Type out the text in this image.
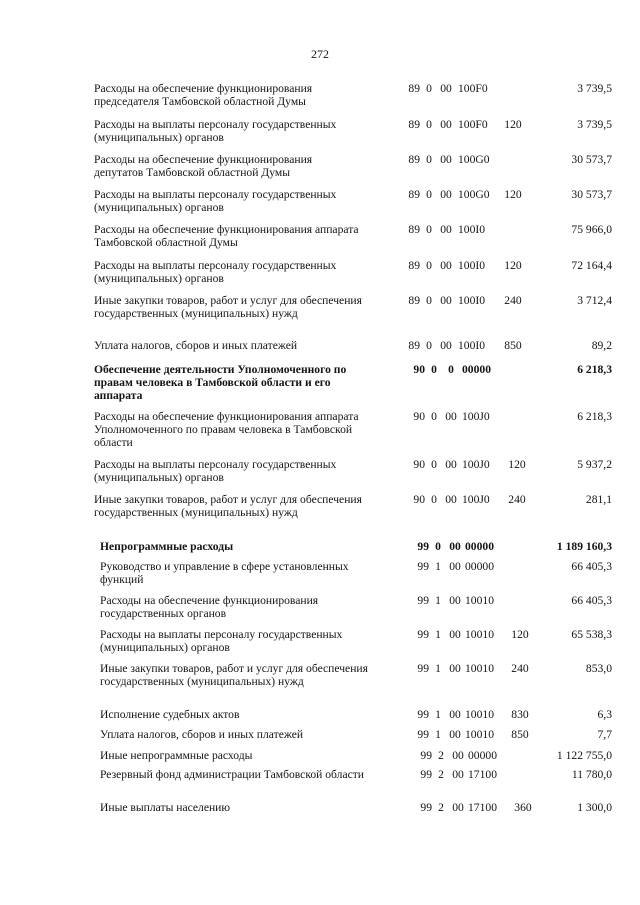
272
Расходы на обеспечение функционирования председателя Тамбовской областной Думы
89 0 00 100F0	3 739,5
Расходы на выплаты персоналу государственных (муниципальных) органов
89 0 00 100F0	120	3 739,5
Расходы на обеспечение функционирования депутатов Тамбовской областной Думы
89 0 00 100G0	30 573,7
Расходы на выплаты персоналу государственных (муниципальных) органов
89 0 00 100G0	120	30 573,7
Расходы на обеспечение функционирования аппарата Тамбовской областной Думы
89 0 00 100I0	75 966,0
Расходы на выплаты персоналу государственных (муниципальных) органов
89 0 00 100I0	120	72 164,4
Иные закупки товаров, работ и услуг для обеспечения государственных (муниципальных) нужд
89 0 00 100I0	240	3 712,4
Уплата налогов, сборов и иных платежей	89 0 00 100I0	850	89,2
Обеспечение деятельности Уполномоченного по правам человека в Тамбовской области и его аппарата
90 0 0 00000	6 218,3
Расходы на обеспечение функционирования аппарата Уполномоченного по правам человека в Тамбовской области
90 0 00 100J0	6 218,3
Расходы на выплаты персоналу государственных (муниципальных) органов
90 0 00 100J0	120	5 937,2
Иные закупки товаров, работ и услуг для обеспечения государственных (муниципальных) нужд
90 0 00 100J0	240	281,1
Непрограммные расходы	99 0 00 00000	1 189 160,3
Руководство и управление в сфере установленных функций
99 1 00 00000	66 405,3
Расходы на обеспечение функционирования государственных органов
99 1 00 10010	66 405,3
Расходы на выплаты персоналу государственных (муниципальных) органов
99 1 00 10010	120	65 538,3
Иные закупки товаров, работ и услуг для обеспечения государственных (муниципальных) нужд
99 1 00 10010	240	853,0
Исполнение судебных актов	99 1 00 10010	830	6,3
Уплата налогов, сборов и иных платежей	99 1 00 10010	850	7,7
Иные непрограммные расходы	99 2 00 00000	1 122 755,0
Резервный фонд администрации Тамбовской области	99 2 00 17100	11 780,0
Иные выплаты населению	99 2 00 17100	360	1 300,0
